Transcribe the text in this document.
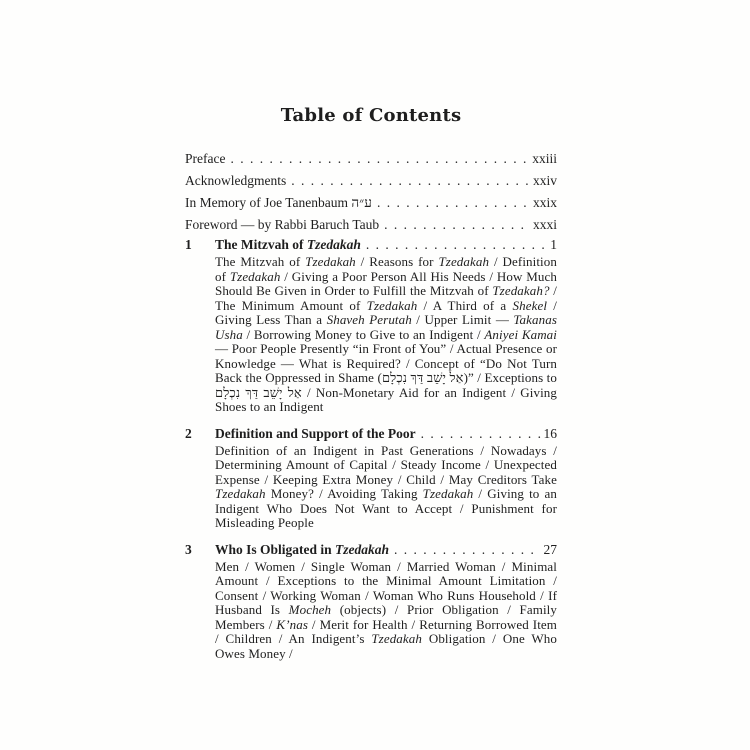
Table of Contents
Preface . . .	xxiii
Acknowledgments . . .	xxiv
In Memory of Joe Tanenbaum ע״ה . . .	xxix
Foreword — by Rabbi Baruch Taub . . .	xxxi
1	The Mitzvah of Tzedakah . . .	1
The Mitzvah of Tzedakah / Reasons for Tzedakah / Definition of Tzedakah / Giving a Poor Person All His Needs / How Much Should Be Given in Order to Fulfill the Mitzvah of Tzedakah? / The Minimum Amount of Tzedakah / A Third of a Shekel / Giving Less Than a Shaveh Perutah / Upper Limit — Takanas Usha / Borrowing Money to Give to an Indigent / Aniyei Kamai — Poor People Presently “in Front of You” / Actual Presence or Knowledge — What is Required? / Concept of “Do Not Turn Back the Oppressed in Shame (אַל יָשֵׁב דַּךְ נִכְלָם)” / Exceptions to אַל יָשֵׁב דַּךְ נִכְלָם / Non-Monetary Aid for an Indigent / Giving Shoes to an Indigent
2	Definition and Support of the Poor . . .	16
Definition of an Indigent in Past Generations / Nowadays / Determining Amount of Capital / Steady Income / Unexpected Expense / Keeping Extra Money / Child / May Creditors Take Tzedakah Money? / Avoiding Taking Tzedakah / Giving to an Indigent Who Does Not Want to Accept / Punishment for Misleading People
3	Who Is Obligated in Tzedakah . . .	27
Men / Women / Single Woman / Married Woman / Minimal Amount / Exceptions to the Minimal Amount Limitation / Consent / Working Woman / Woman Who Runs Household / If Husband Is Mocheh (objects) / Prior Obligation / Family Members / K’nas / Merit for Health / Returning Borrowed Item / Children / An Indigent’s Tzedakah Obligation / One Who Owes Money /
